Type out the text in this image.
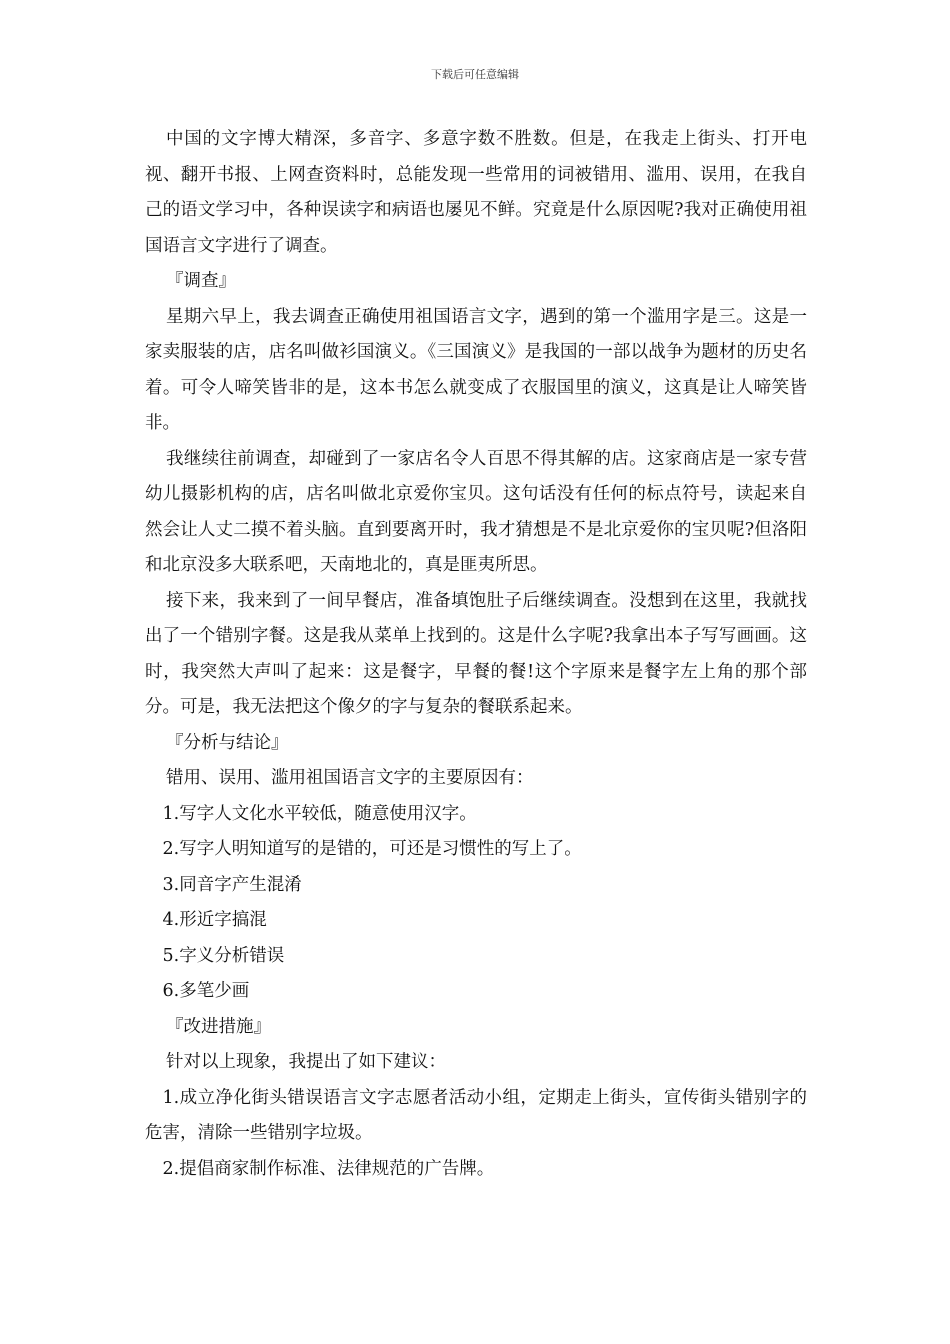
下载后可任意编辑

中国的文字博大精深，多音字、多意字数不胜数。但是，在我走上街头、打开电视、翻开书报、上网查资料时，总能发现一些常用的词被错用、滥用、误用，在我自己的语文学习中，各种误读字和病语也屡见不鲜。究竟是什么原因呢?我对正确使用祖国语言文字进行了调查。

『调查』

星期六早上，我去调查正确使用祖国语言文字，遇到的第一个滥用字是三。这是一家卖服装的店，店名叫做衫国演义。《三国演义》是我国的一部以战争为题材的历史名着。可令人啼笑皆非的是，这本书怎么就变成了衣服国里的演义，这真是让人啼笑皆非。

我继续往前调查，却碰到了一家店名令人百思不得其解的店。这家商店是一家专营幼儿摄影机构的店，店名叫做北京爱你宝贝。这句话没有任何的标点符号，读起来自然会让人丈二摸不着头脑。直到要离开时，我才猜想是不是北京爱你的宝贝呢?但洛阳和北京没多大联系吧，天南地北的，真是匪夷所思。

接下来，我来到了一间早餐店，准备填饱肚子后继续调查。没想到在这里，我就找出了一个错别字餐。这是我从菜单上找到的。这是什么字呢?我拿出本子写写画画。这时，我突然大声叫了起来：这是餐字，早餐的餐!这个字原来是餐字左上角的那个部分。可是，我无法把这个像夕的字与复杂的餐联系起来。

『分析与结论』

错用、误用、滥用祖国语言文字的主要原因有：

1.写字人文化水平较低，随意使用汉字。

2.写字人明知道写的是错的，可还是习惯性的写上了。

3.同音字产生混淆

4.形近字搞混

5.字义分析错误

6.多笔少画

『改进措施』

针对以上现象，我提出了如下建议：

1.成立净化街头错误语言文字志愿者活动小组，定期走上街头，宣传街头错别字的危害，清除一些错别字垃圾。

2.提倡商家制作标准、法律规范的广告牌。
